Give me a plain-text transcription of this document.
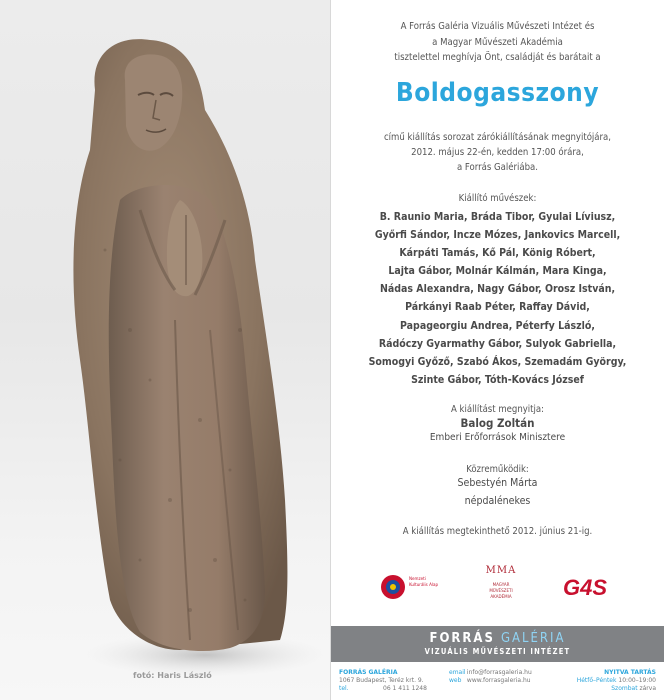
fotó: Haris László
A Forrás Galéria Vizuális Művészeti Intézet és
a Magyar Művészeti Akadémia
tisztelettel meghívja Önt, családját és barátait a
Boldogasszony
című kiállítás sorozat zárókiállításának megnyitójára,
2012. május 22-én, kedden 17:00 órára,
a Forrás Galériába.
Kiállító művészek:
B. Raunio Maria, Bráda Tibor, Gyulai Líviusz,
Győrfi Sándor, Incze Mózes, Jankovics Marcell,
Kárpáti Tamás, Kő Pál, König Róbert,
Lajta Gábor, Molnár Kálmán, Mara Kinga,
Nádas Alexandra, Nagy Gábor, Orosz István,
Párkányi Raab Péter, Raffay Dávid,
Papageorgiu Andrea, Péterfy László,
Rádóczy Gyarmathy Gábor, Sulyok Gabriella,
Somogyi Győző, Szabó Ákos, Szemadám György,
Szinte Gábor, Tóth-Kovács József
A kiállítást megnyitja:
Balog Zoltán
Emberi Erőforrások Minisztere
Közreműködik:
Sebestyén Márta
népdalénekes
A kiállítás megtekinthető 2012. június 21-ig.
Nemzeti Kulturális Alap
MMA
MAGYAR
MŰVÉSZETI
AKADÉMIA	G4S
FORRÁS GALÉRIA
VIZUÁLIS MŰVÉSZETI INTÉZET
FORRÁS GALÉRIA
1067 Budapest, Teréz krt. 9.
tel.	06 1 411 1248
email info@forrasgaleria.hu
web www.forrasgaleria.hu
NYITVA TARTÁS
Hétfő–Péntek 10:00–19:00
Szombat zárva
